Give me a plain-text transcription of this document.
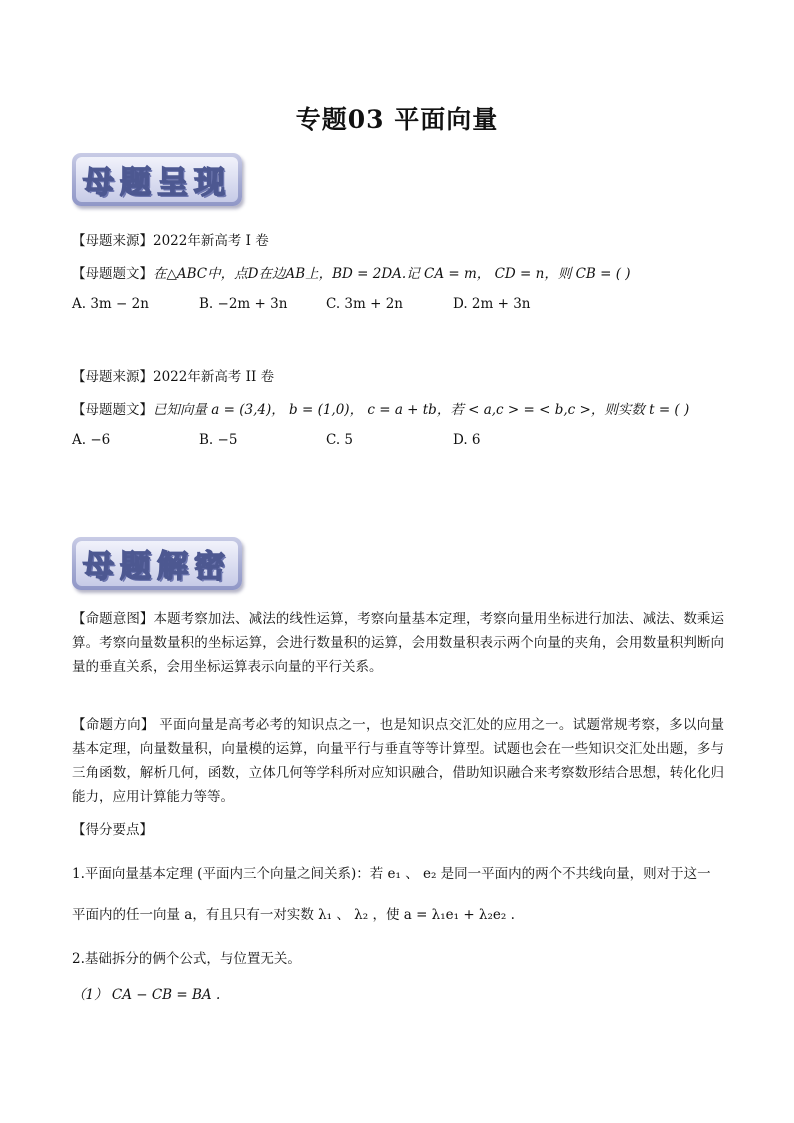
专题03 平面向量
母题呈现
【母题来源】2022年新高考 I 卷
【母题题文】在△ABC中，点D在边AB上，BD = 2DA.记 CA = m， CD = n，则 CB = ( )
A. 3m − 2n	B. −2m + 3n	C. 3m + 2n	D. 2m + 3n
【母题来源】2022年新高考 II 卷
【母题题文】已知向量 a = (3,4)， b = (1,0)， c = a + tb，若 < a,c > = < b,c >，则实数 t = ( )
A. −6	B. −5	C. 5	D. 6
母题解密
【命题意图】本题考察加法、减法的线性运算，考察向量基本定理，考察向量用坐标进行加法、减法、数乘运算。考察向量数量积的坐标运算，会进行数量积的运算，会用数量积表示两个向量的夹角，会用数量积判断向量的垂直关系，会用坐标运算表示向量的平行关系。
【命题方向】 平面向量是高考必考的知识点之一，也是知识点交汇处的应用之一。试题常规考察，多以向量基本定理，向量数量积，向量模的运算，向量平行与垂直等等计算型。试题也会在一些知识交汇处出题，多与三角函数，解析几何，函数，立体几何等学科所对应知识融合，借助知识融合来考察数形结合思想，转化化归能力，应用计算能力等等。
【得分要点】
1.平面向量基本定理 (平面内三个向量之间关系)：若 e₁ 、 e₂ 是同一平面内的两个不共线向量，则对于这一
平面内的任一向量 a，有且只有一对实数 λ₁ 、 λ₂ ，使 a = λ₁e₁ + λ₂e₂ .
2.基础拆分的俩个公式，与位置无关。
（1） CA − CB = BA .
